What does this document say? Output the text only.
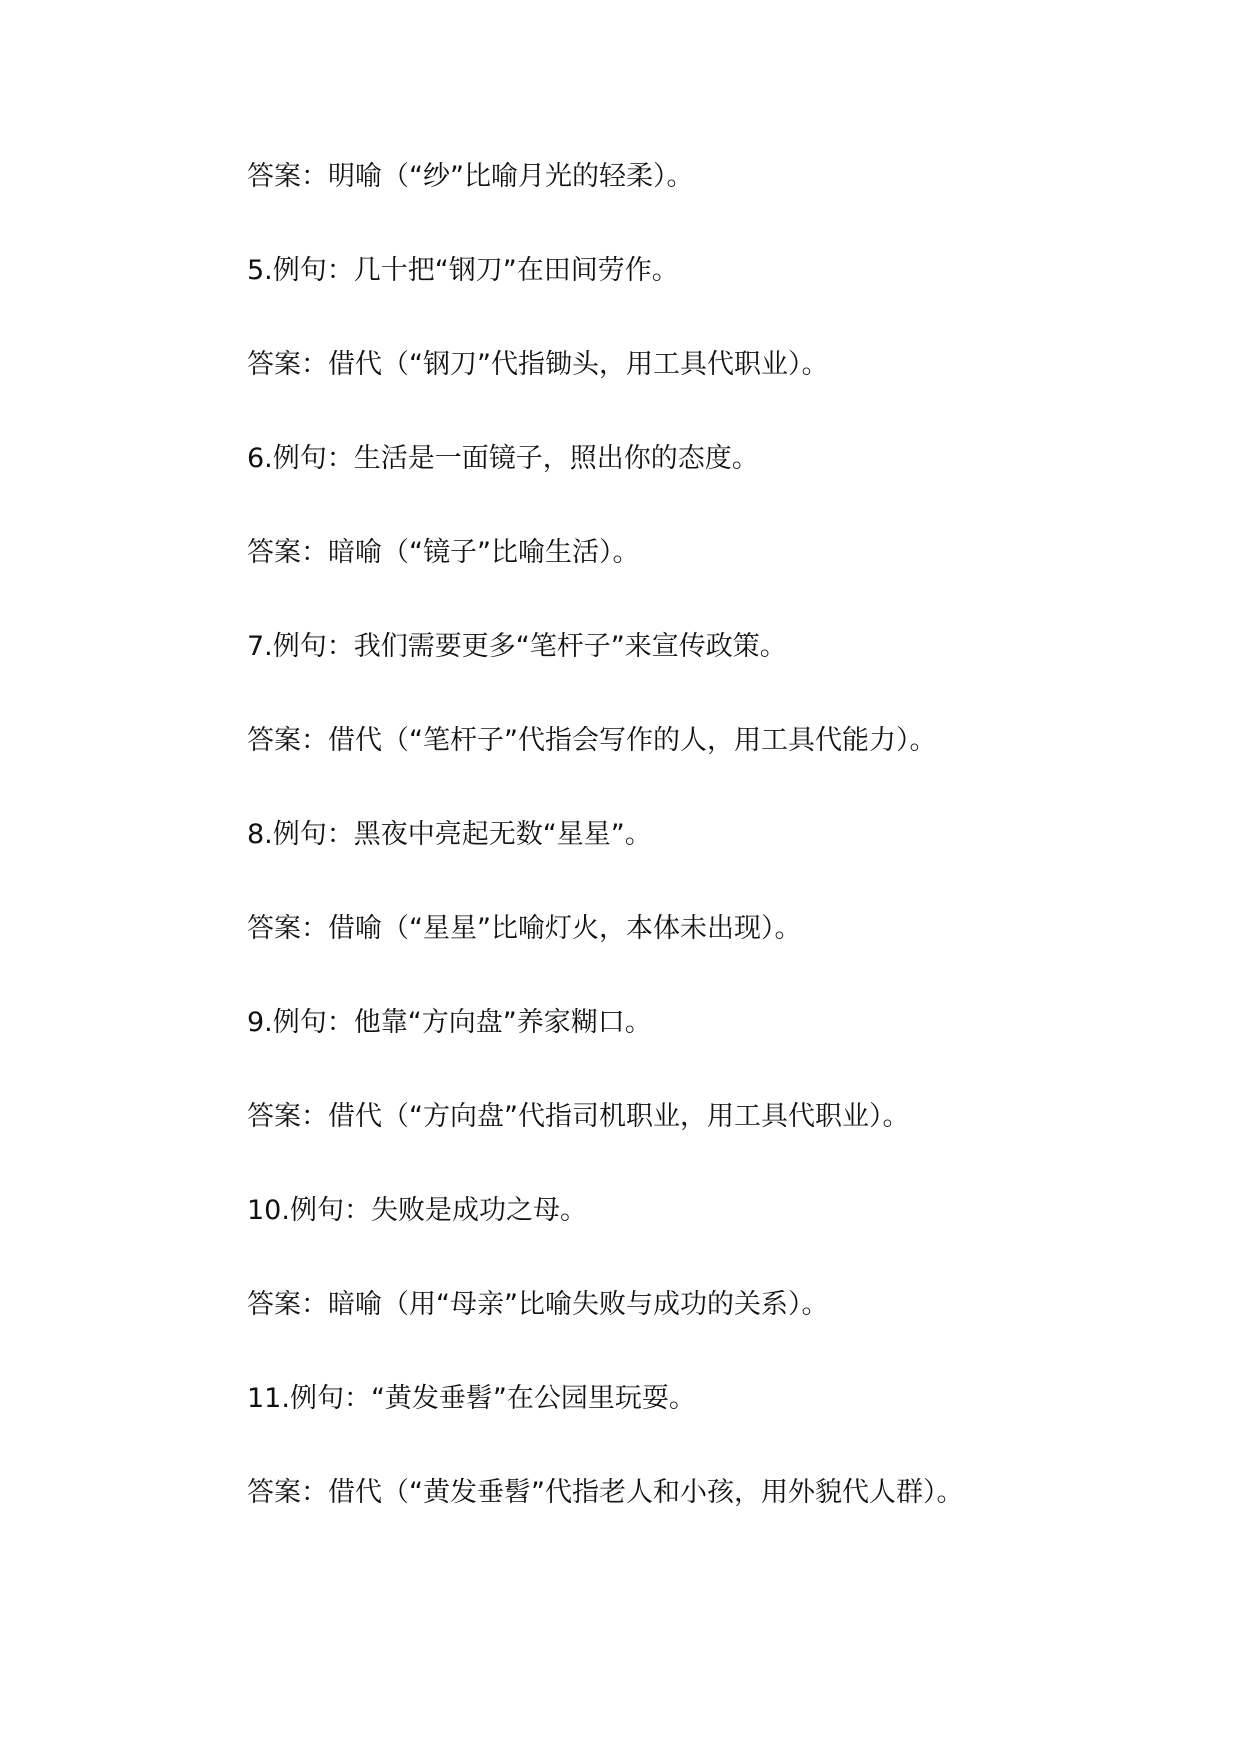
答案：明喻（“纱”比喻月光的轻柔）。
5.例句：几十把“钢刀”在田间劳作。
答案：借代（“钢刀”代指锄头，用工具代职业）。
6.例句：生活是一面镜子，照出你的态度。
答案：暗喻（“镜子”比喻生活）。
7.例句：我们需要更多“笔杆子”来宣传政策。
答案：借代（“笔杆子”代指会写作的人，用工具代能力）。
8.例句：黑夜中亮起无数“星星”。
答案：借喻（“星星”比喻灯火，本体未出现）。
9.例句：他靠“方向盘”养家糊口。
答案：借代（“方向盘”代指司机职业，用工具代职业）。
10.例句：失败是成功之母。
答案：暗喻（用“母亲”比喻失败与成功的关系）。
11.例句：“黄发垂髫”在公园里玩耍。
答案：借代（“黄发垂髫”代指老人和小孩，用外貌代人群）。
